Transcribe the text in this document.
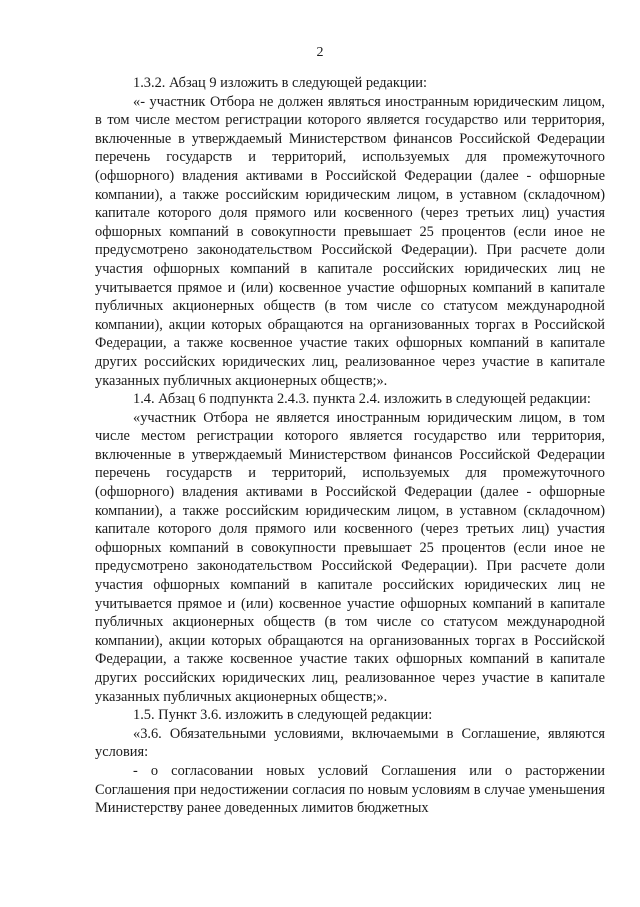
2

1.3.2. Абзац 9 изложить в следующей редакции:

«- участник Отбора не должен являться иностранным юридическим лицом, в том числе местом регистрации которого является государство или территория, включенные в утверждаемый Министерством финансов Российской Федерации перечень государств и территорий, используемых для промежуточного (офшорного) владения активами в Российской Федерации (далее - офшорные компании), а также российским юридическим лицом, в уставном (складочном) капитале которого доля прямого или косвенного (через третьих лиц) участия офшорных компаний в совокупности превышает 25 процентов (если иное не предусмотрено законодательством Российской Федерации). При расчете доли участия офшорных компаний в капитале российских юридических лиц не учитывается прямое и (или) косвенное участие офшорных компаний в капитале публичных акционерных обществ (в том числе со статусом международной компании), акции которых обращаются на организованных торгах в Российской Федерации, а также косвенное участие таких офшорных компаний в капитале других российских юридических лиц, реализованное через участие в капитале указанных публичных акционерных обществ;».

1.4. Абзац 6 подпункта 2.4.3. пункта 2.4. изложить в следующей редакции:

«участник Отбора не является иностранным юридическим лицом, в том числе местом регистрации которого является государство или территория, включенные в утверждаемый Министерством финансов Российской Федерации перечень государств и территорий, используемых для промежуточного (офшорного) владения активами в Российской Федерации (далее - офшорные компании), а также российским юридическим лицом, в уставном (складочном) капитале которого доля прямого или косвенного (через третьих лиц) участия офшорных компаний в совокупности превышает 25 процентов (если иное не предусмотрено законодательством Российской Федерации). При расчете доли участия офшорных компаний в капитале российских юридических лиц не учитывается прямое и (или) косвенное участие офшорных компаний в капитале публичных акционерных обществ (в том числе со статусом международной компании), акции которых обращаются на организованных торгах в Российской Федерации, а также косвенное участие таких офшорных компаний в капитале других российских юридических лиц, реализованное через участие в капитале указанных публичных акционерных обществ;».

1.5. Пункт 3.6. изложить в следующей редакции:

«3.6. Обязательными условиями, включаемыми в Соглашение, являются условия:

- о согласовании новых условий Соглашения или о расторжении Соглашения при недостижении согласия по новым условиям в случае уменьшения Министерству ранее доведенных лимитов бюджетных
